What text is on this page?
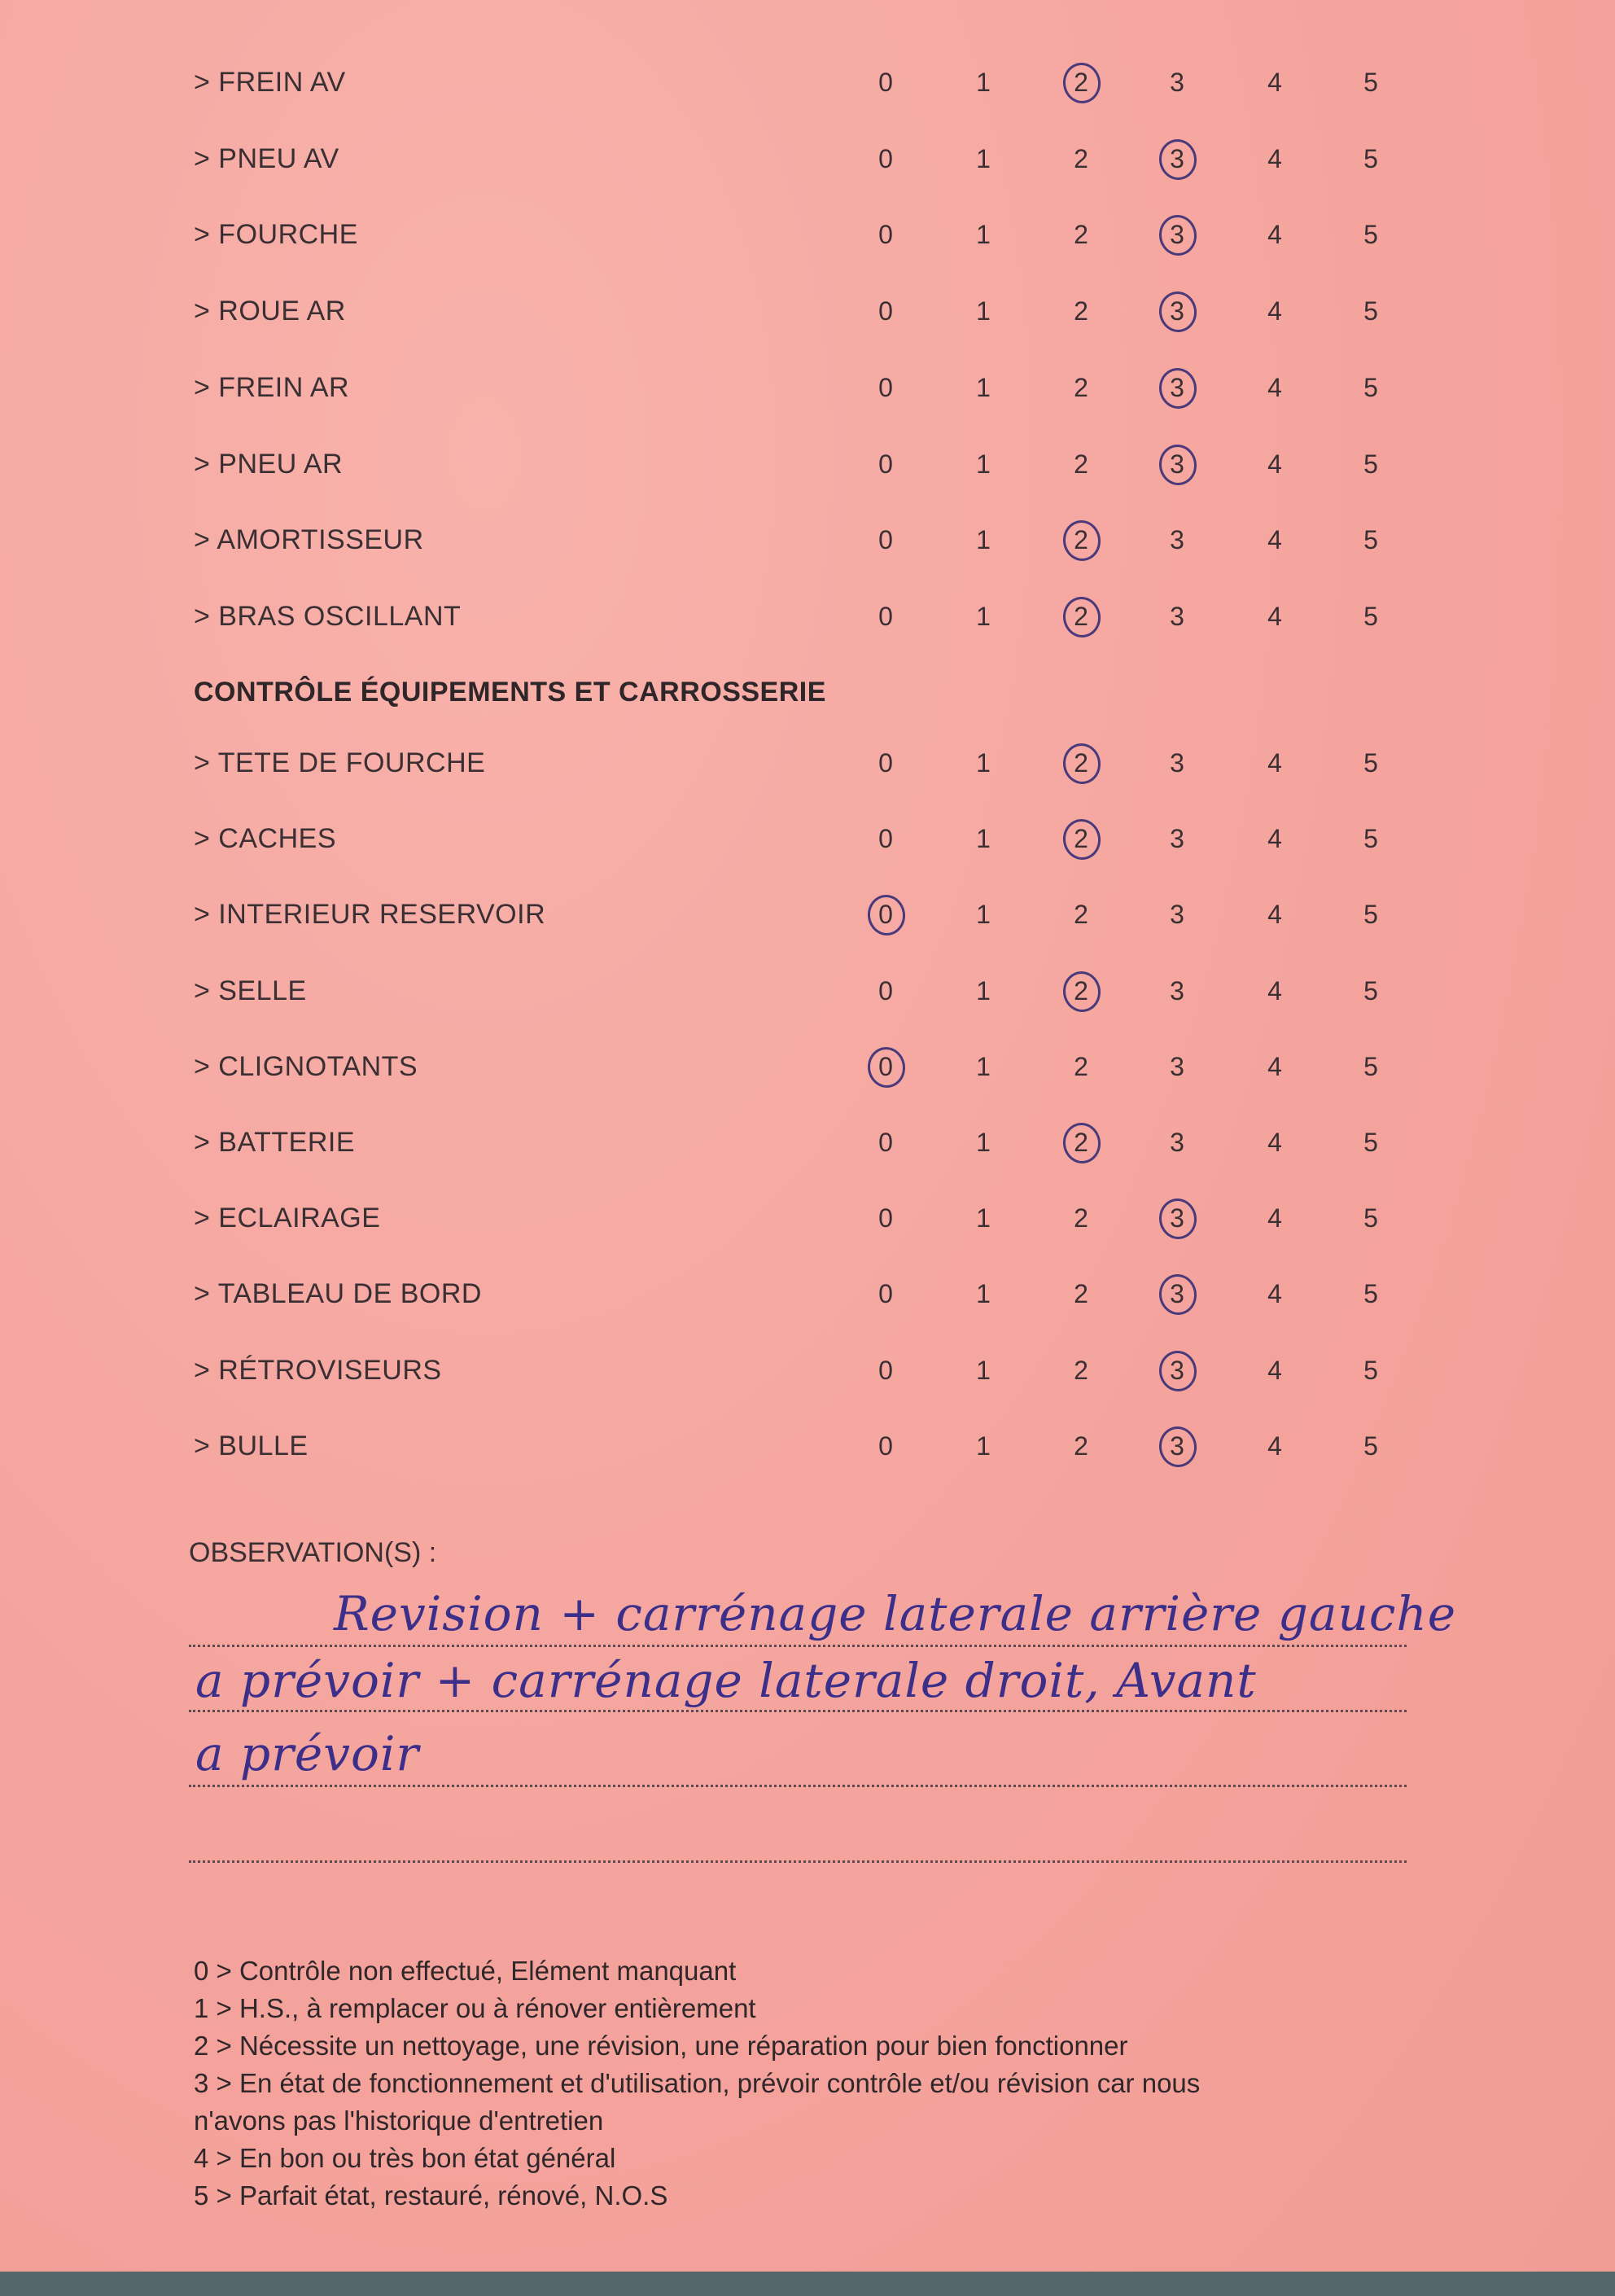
> FREIN AV	0	1	2	3	4	5
> PNEU AV	0	1	2	3	4	5
> FOURCHE	0	1	2	3	4	5
> ROUE AR	0	1	2	3	4	5
> FREIN AR	0	1	2	3	4	5
> PNEU AR	0	1	2	3	4	5
> AMORTISSEUR	0	1	2	3	4	5
> BRAS OSCILLANT	0	1	2	3	4	5
CONTRÔLE ÉQUIPEMENTS ET CARROSSERIE
> TETE DE FOURCHE	0	1	2	3	4	5
> CACHES	0	1	2	3	4	5
> INTERIEUR RESERVOIR	0	1	2	3	4	5
> SELLE	0	1	2	3	4	5
> CLIGNOTANTS	0	1	2	3	4	5
> BATTERIE	0	1	2	3	4	5
> ECLAIRAGE	0	1	2	3	4	5
> TABLEAU DE BORD	0	1	2	3	4	5
> RÉTROVISEURS	0	1	2	3	4	5
> BULLE	0	1	2	3	4	5
OBSERVATION(S) :
Revision + carrénage laterale arrière gauche
a prévoir + carrénage laterale droit, Avant
a prévoir
0 > Contrôle non effectué, Elément manquant
1 > H.S., à remplacer ou à rénover entièrement
2 > Nécessite un nettoyage, une révision, une réparation pour bien fonctionner
3 > En état de fonctionnement et d'utilisation, prévoir contrôle et/ou révision car nous
n'avons pas l'historique d'entretien
4 > En bon ou très bon état général
5 > Parfait état, restauré, rénové, N.O.S
